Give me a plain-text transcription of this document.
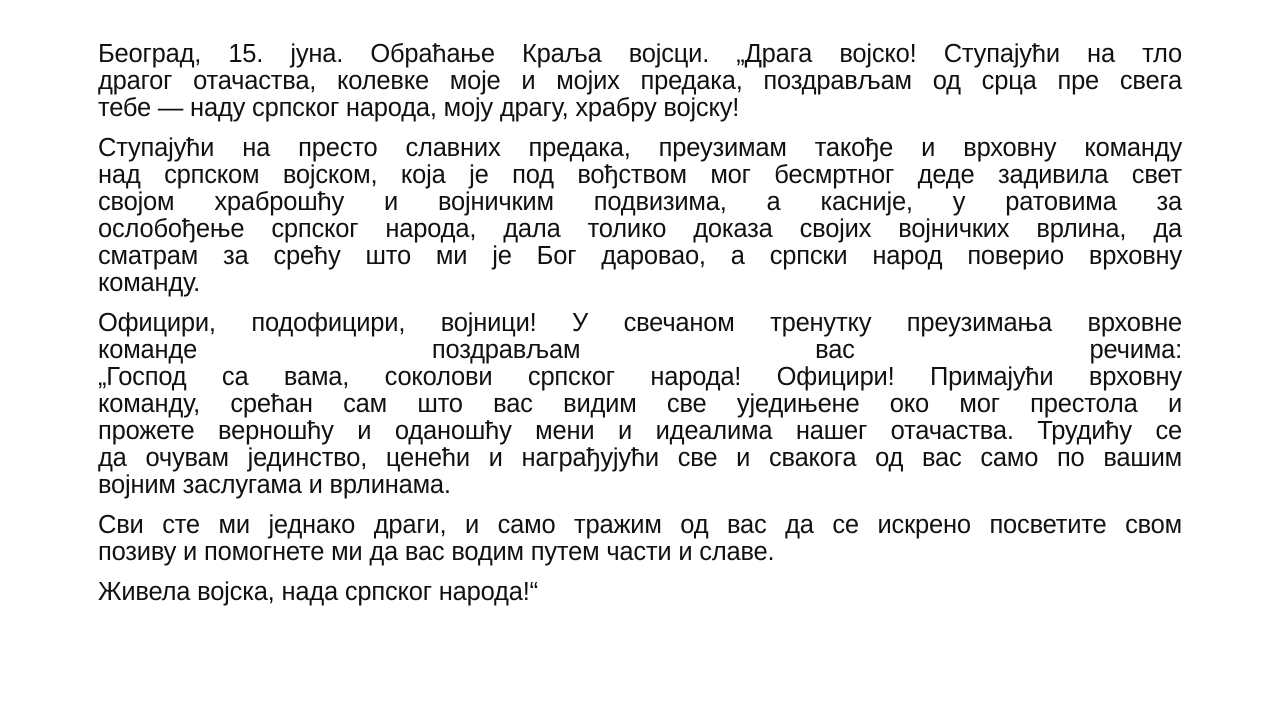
Београд, 15. јуна. Обраћање Краља војсци. „Драга војско! Ступајући на тло
драгог отачаства, колевке моје и мојих предака, поздрављам од срца пре свега
тебе — наду српског народа, моју драгу, храбру војску!
Ступајући на престо славних предака, преузимам такође и врховну команду
над српском војском, која је под вођством мог бесмртног деде задивила свет
својом храброшћу и војничким подвизима, а касније, у ратовима за
ослобођење српског народа, дала толико доказа својих војничких врлина, да
сматрам за срећу што ми је Бог даровао, а српски народ поверио врховну
команду.
Официри, подофицири, војници! У свечаном тренутку преузимања врховне
команде поздрављам вас речима:
„Господ са вама, соколови српског народа! Официри! Примајући врховну
команду, срећан сам што вас видим све уједињене око мог престола и
прожете верношћу и оданошћу мени и идеалима нашег отачаства. Трудићу се
да очувам јединство, ценећи и награђујући све и свакога од вас само по вашим
војним заслугама и врлинама.
Сви сте ми једнако драги, и само тражим од вас да се искрено посветите свом
позиву и помогнете ми да вас водим путем части и славе.
Живела војска, нада српског народа!“
